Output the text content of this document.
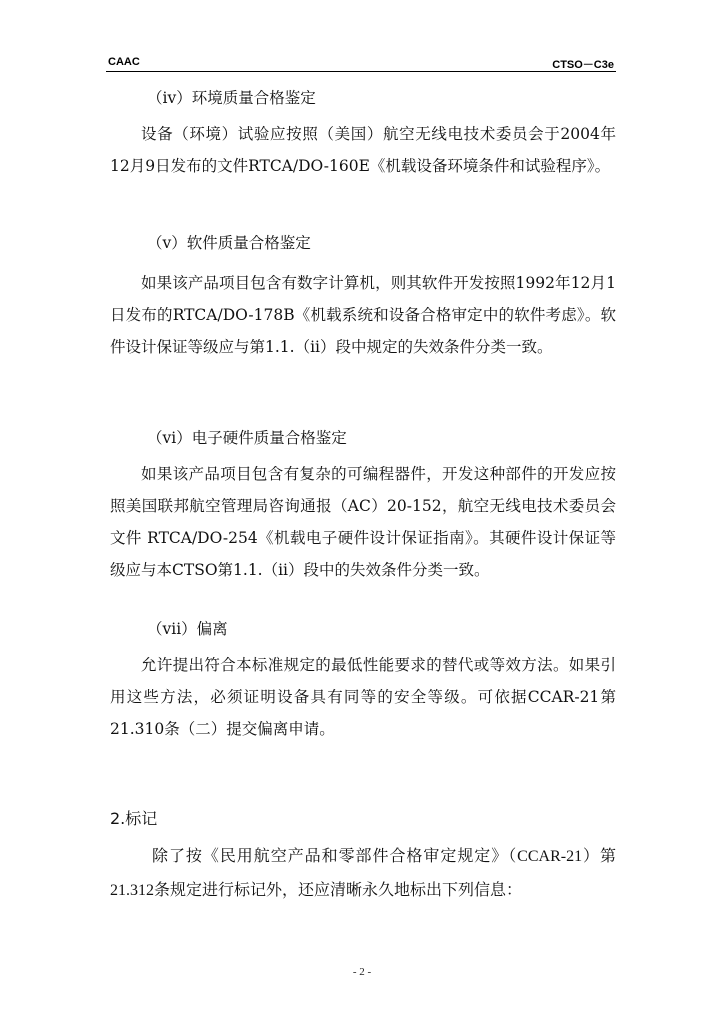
CAAC	CTSO－C3e

（iv）环境质量合格鉴定

设备（环境）试验应按照（美国）航空无线电技术委员会于2004年12月9日发布的文件RTCA/DO-160E《机载设备环境条件和试验程序》。

（v）软件质量合格鉴定

如果该产品项目包含有数字计算机，则其软件开发按照1992年12月1日发布的RTCA/DO-178B《机载系统和设备合格审定中的软件考虑》。软件设计保证等级应与第1.1.（ii）段中规定的失效条件分类一致。

（vi）电子硬件质量合格鉴定

如果该产品项目包含有复杂的可编程器件，开发这种部件的开发应按照美国联邦航空管理局咨询通报（AC）20-152，航空无线电技术委员会文件 RTCA/DO-254《机载电子硬件设计保证指南》。其硬件设计保证等级应与本CTSO第1.1.（ii）段中的失效条件分类一致。

（vii）偏离

允许提出符合本标准规定的最低性能要求的替代或等效方法。如果引用这些方法，必须证明设备具有同等的安全等级。可依据CCAR-21第21.310条（二）提交偏离申请。

2.标记

除了按《民用航空产品和零部件合格审定规定》（CCAR-21）第21.312条规定进行标记外，还应清晰永久地标出下列信息：

- 2 -
